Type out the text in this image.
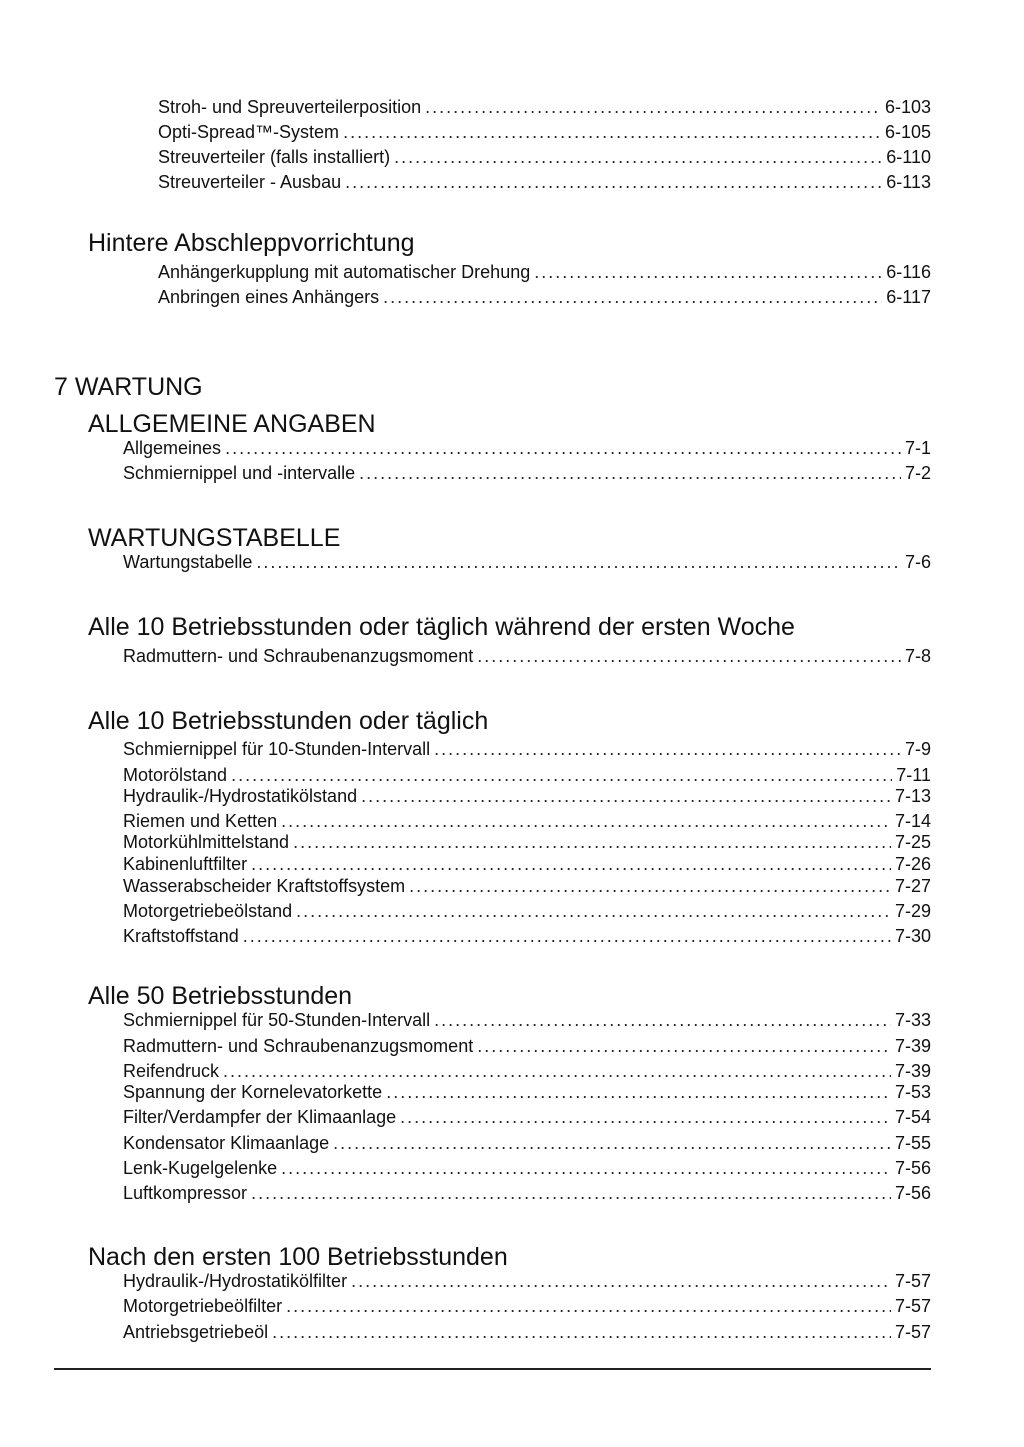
Stroh- und Spreuverteilerposition .....	6-103
Opti-Spread™-System .....	6-105
Streuverteiler (falls installiert) .....	6-110
Streuverteiler - Ausbau .....	6-113
Hintere Abschleppvorrichtung
Anhängerkupplung mit automatischer Drehung .....	6-116
Anbringen eines Anhängers .....	6-117
7 WARTUNG
ALLGEMEINE ANGABEN
Allgemeines .....	7-1
Schmiernippel und -intervalle .....	7-2
WARTUNGSTABELLE
Wartungstabelle .....	7-6
Alle 10 Betriebsstunden oder täglich während der ersten Woche
Radmuttern- und Schraubenanzugsmoment .....	7-8
Alle 10 Betriebsstunden oder täglich
Schmiernippel für 10-Stunden-Intervall .....	7-9
Motorölstand .....	7-11
Hydraulik-/Hydrostatikölstand .....	7-13
Riemen und Ketten .....	7-14
Motorkühlmittelstand .....	7-25
Kabinenluftfilter .....	7-26
Wasserabscheider Kraftstoffsystem .....	7-27
Motorgetriebeölstand .....	7-29
Kraftstoffstand .....	7-30
Alle 50 Betriebsstunden
Schmiernippel für 50-Stunden-Intervall .....	7-33
Radmuttern- und Schraubenanzugsmoment .....	7-39
Reifendruck .....	7-39
Spannung der Kornelevatorkette .....	7-53
Filter/Verdampfer der Klimaanlage .....	7-54
Kondensator Klimaanlage .....	7-55
Lenk-Kugelgelenke .....	7-56
Luftkompressor .....	7-56
Nach den ersten 100 Betriebsstunden
Hydraulik-/Hydrostatikölfilter .....	7-57
Motorgetriebeölfilter .....	7-57
Antriebsgetriebeöl .....	7-57
